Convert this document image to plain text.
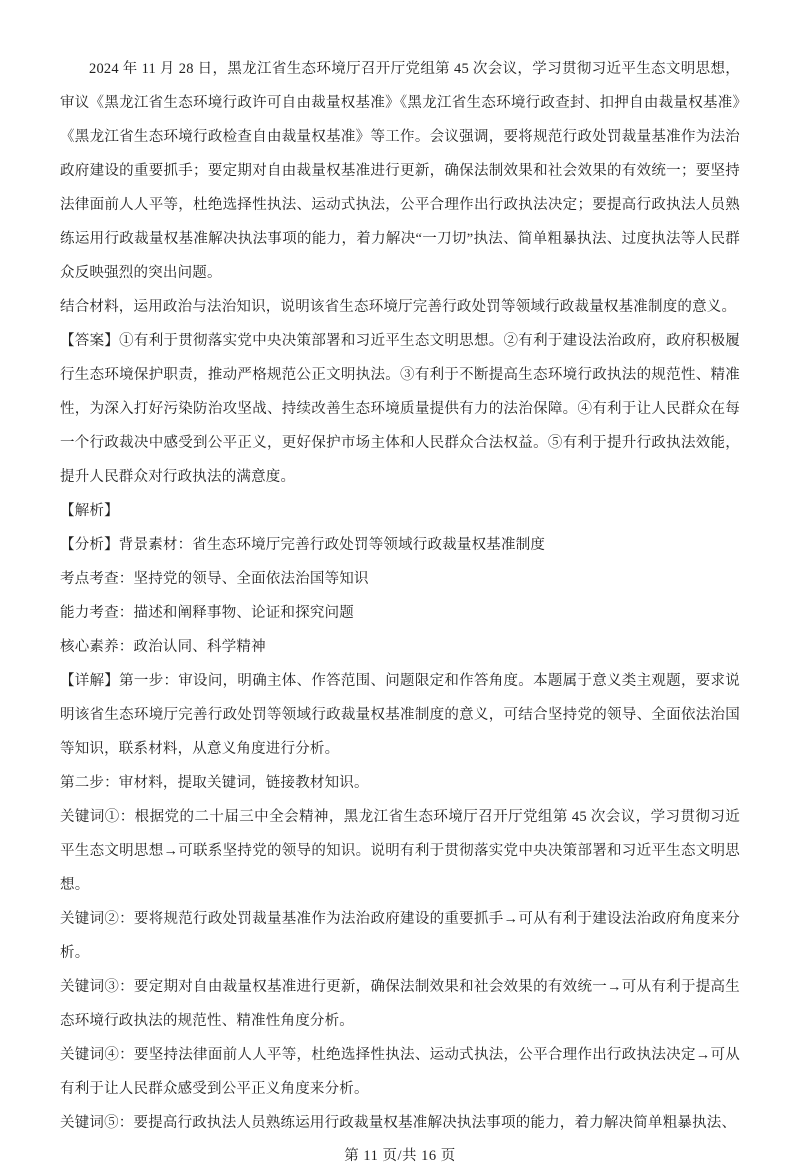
2024 年 11 月 28 日，黑龙江省生态环境厅召开厅党组第 45 次会议，学习贯彻习近平生态文明思想，审议《黑龙江省生态环境行政许可自由裁量权基准》《黑龙江省生态环境行政查封、扣押自由裁量权基准》《黑龙江省生态环境行政检查自由裁量权基准》等工作。会议强调，要将规范行政处罚裁量基准作为法治政府建设的重要抓手；要定期对自由裁量权基准进行更新，确保法制效果和社会效果的有效统一；要坚持法律面前人人平等，杜绝选择性执法、运动式执法，公平合理作出行政执法决定；要提高行政执法人员熟练运用行政裁量权基准解决执法事项的能力，着力解决“一刀切”执法、简单粗暴执法、过度执法等人民群众反映强烈的突出问题。

结合材料，运用政治与法治知识，说明该省生态环境厅完善行政处罚等领域行政裁量权基准制度的意义。

【答案】①有利于贯彻落实党中央决策部署和习近平生态文明思想。②有利于建设法治政府，政府积极履行生态环境保护职责，推动严格规范公正文明执法。③有利于不断提高生态环境行政执法的规范性、精准性，为深入打好污染防治攻坚战、持续改善生态环境质量提供有力的法治保障。④有利于让人民群众在每一个行政裁决中感受到公平正义，更好保护市场主体和人民群众合法权益。⑤有利于提升行政执法效能，提升人民群众对行政执法的满意度。

【解析】

【分析】背景素材：省生态环境厅完善行政处罚等领域行政裁量权基准制度

考点考查：坚持党的领导、全面依法治国等知识

能力考查：描述和阐释事物、论证和探究问题

核心素养：政治认同、科学精神

【详解】第一步：审设问，明确主体、作答范围、问题限定和作答角度。本题属于意义类主观题，要求说明该省生态环境厅完善行政处罚等领域行政裁量权基准制度的意义，可结合坚持党的领导、全面依法治国等知识，联系材料，从意义角度进行分析。

第二步：审材料，提取关键词，链接教材知识。

关键词①：根据党的二十届三中全会精神，黑龙江省生态环境厅召开厅党组第 45 次会议，学习贯彻习近平生态文明思想→可联系坚持党的领导的知识。说明有利于贯彻落实党中央决策部署和习近平生态文明思想。

关键词②：要将规范行政处罚裁量基准作为法治政府建设的重要抓手→可从有利于建设法治政府角度来分析。

关键词③：要定期对自由裁量权基准进行更新，确保法制效果和社会效果的有效统一→可从有利于提高生态环境行政执法的规范性、精准性角度分析。

关键词④：要坚持法律面前人人平等，杜绝选择性执法、运动式执法，公平合理作出行政执法决定→可从有利于让人民群众感受到公平正义角度来分析。

关键词⑤：要提高行政执法人员熟练运用行政裁量权基准解决执法事项的能力，着力解决简单粗暴执法、

第 11 页/共 16 页
